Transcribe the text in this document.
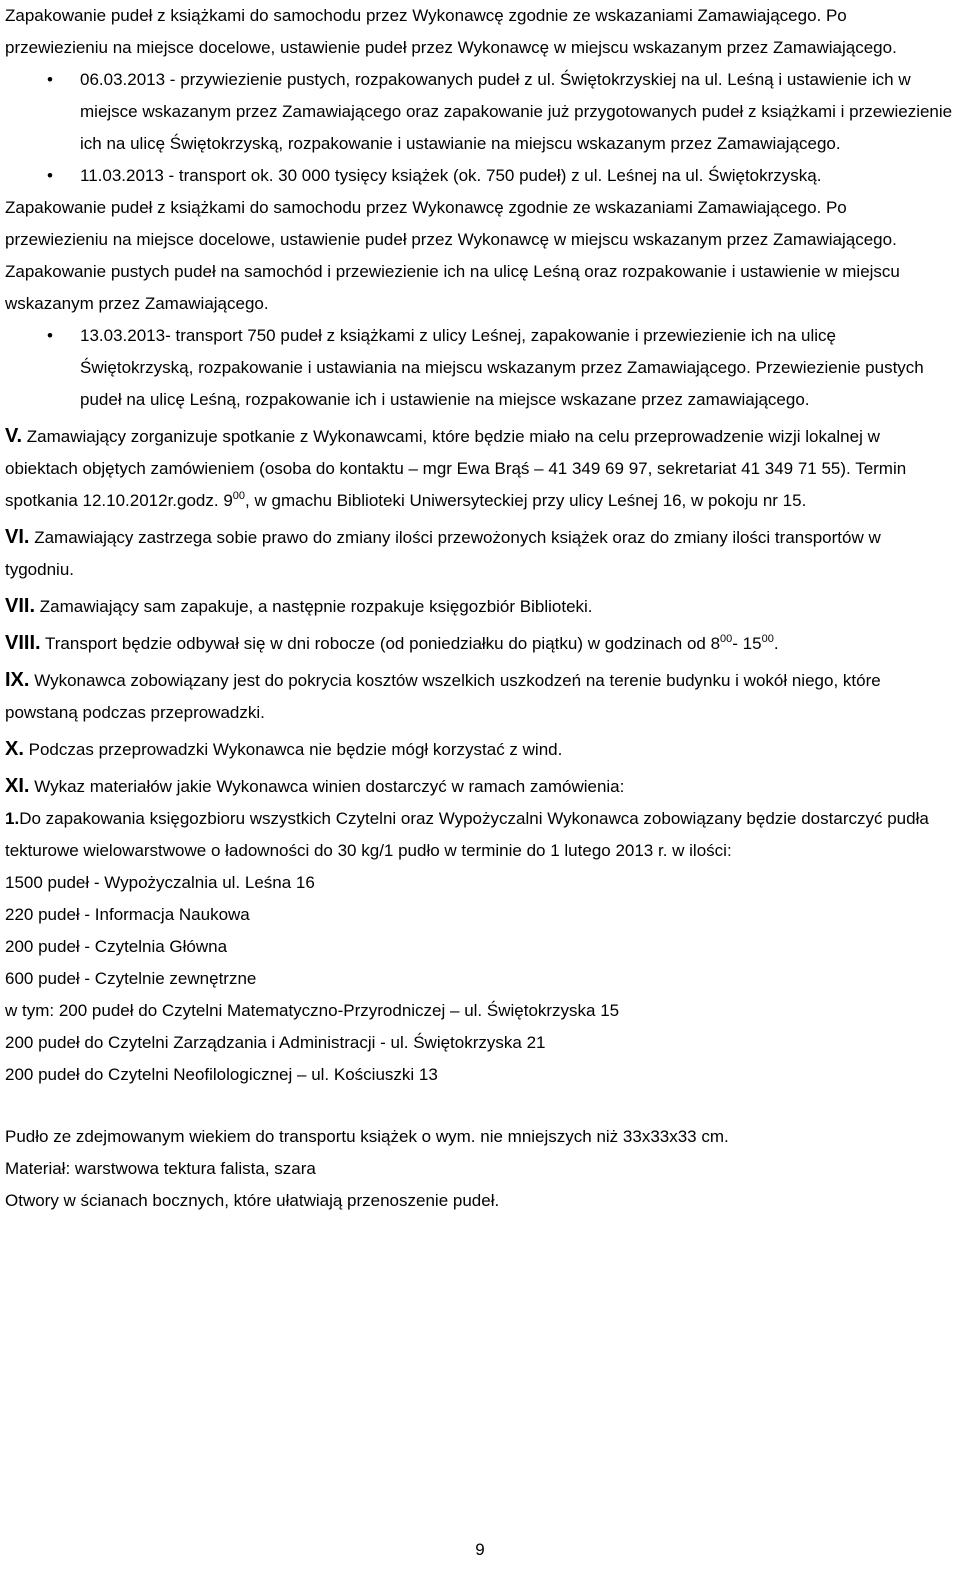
Zapakowanie pudeł z książkami do samochodu przez Wykonawcę zgodnie ze wskazaniami Zamawiającego. Po przewiezieniu na miejsce docelowe, ustawienie pudeł przez Wykonawcę w miejscu wskazanym przez Zamawiającego.

• 06.03.2013 - przywiezienie pustych, rozpakowanych pudeł z ul. Świętokrzyskiej na ul. Leśną i ustawienie ich w miejsce wskazanym przez Zamawiającego oraz zapakowanie już przygotowanych pudeł z książkami i przewiezienie ich na ulicę Świętokrzyską, rozpakowanie i ustawianie na miejscu wskazanym przez Zamawiającego.

• 11.03.2013 - transport ok. 30 000 tysięcy książek (ok. 750 pudeł) z ul. Leśnej na ul. Świętokrzyską.

Zapakowanie pudeł z książkami do samochodu przez Wykonawcę zgodnie ze wskazaniami Zamawiającego. Po przewiezieniu na miejsce docelowe, ustawienie pudeł przez Wykonawcę w miejscu wskazanym przez Zamawiającego. Zapakowanie pustych pudeł na samochód i przewiezienie ich na ulicę Leśną oraz rozpakowanie i ustawienie w miejscu wskazanym przez Zamawiającego.

• 13.03.2013- transport 750 pudeł z książkami z ulicy Leśnej, zapakowanie i przewiezienie ich na ulicę Świętokrzyską, rozpakowanie i ustawiania na miejscu wskazanym przez Zamawiającego. Przewiezienie pustych pudeł na ulicę Leśną, rozpakowanie ich i ustawienie na miejsce wskazane przez zamawiającego.

V. Zamawiający zorganizuje spotkanie z Wykonawcami, które będzie miało na celu przeprowadzenie wizji lokalnej w obiektach objętych zamówieniem (osoba do kontaktu – mgr Ewa Brąś – 41 349 69 97, sekretariat 41 349 71 55). Termin spotkania 12.10.2012r.godz. $9^{00}$, w gmachu Biblioteki Uniwersyteckiej przy ulicy Leśnej 16, w pokoju nr 15.

VI. Zamawiający zastrzega sobie prawo do zmiany ilości przewożonych książek oraz do zmiany ilości transportów w tygodniu.

VII. Zamawiający sam zapakuje, a następnie rozpakuje księgozbiór Biblioteki.

VIII. Transport będzie odbywał się w dni robocze (od poniedziałku do piątku) w godzinach od $8^{00}-$ $15^{00}$.

IX. Wykonawca zobowiązany jest do pokrycia kosztów wszelkich uszkodzeń na terenie budynku i wokół niego, które powstaną podczas przeprowadzki.

X. Podczas przeprowadzki Wykonawca nie będzie mógł korzystać z wind.

XI. Wykaz materiałów jakie Wykonawca winien dostarczyć w ramach zamówienia:

1.Do zapakowania księgozbioru wszystkich Czytelni oraz Wypożyczalni Wykonawca zobowiązany będzie dostarczyć pudła tekturowe wielowarstwowe o ładowności do 30 kg/1 pudło w terminie do 1 lutego 2013 r. w ilości:

1500 pudeł - Wypożyczalnia ul. Leśna 16

220 pudeł - Informacja Naukowa

200 pudeł - Czytelnia Główna

600 pudeł - Czytelnie zewnętrzne

w tym: 200 pudeł do Czytelni Matematyczno-Przyrodniczej – ul. Świętokrzyska 15

200 pudeł do Czytelni Zarządzania i Administracji - ul. Świętokrzyska 21

200 pudeł do Czytelni Neofilologicznej – ul. Kościuszki 13

Pudło ze zdejmowanym wiekiem do transportu książek o wym. nie mniejszych niż 33x33x33 cm.

Materiał: warstwowa tektura falista, szara

Otwory w ścianach bocznych, które ułatwiają przenoszenie pudeł.

9
